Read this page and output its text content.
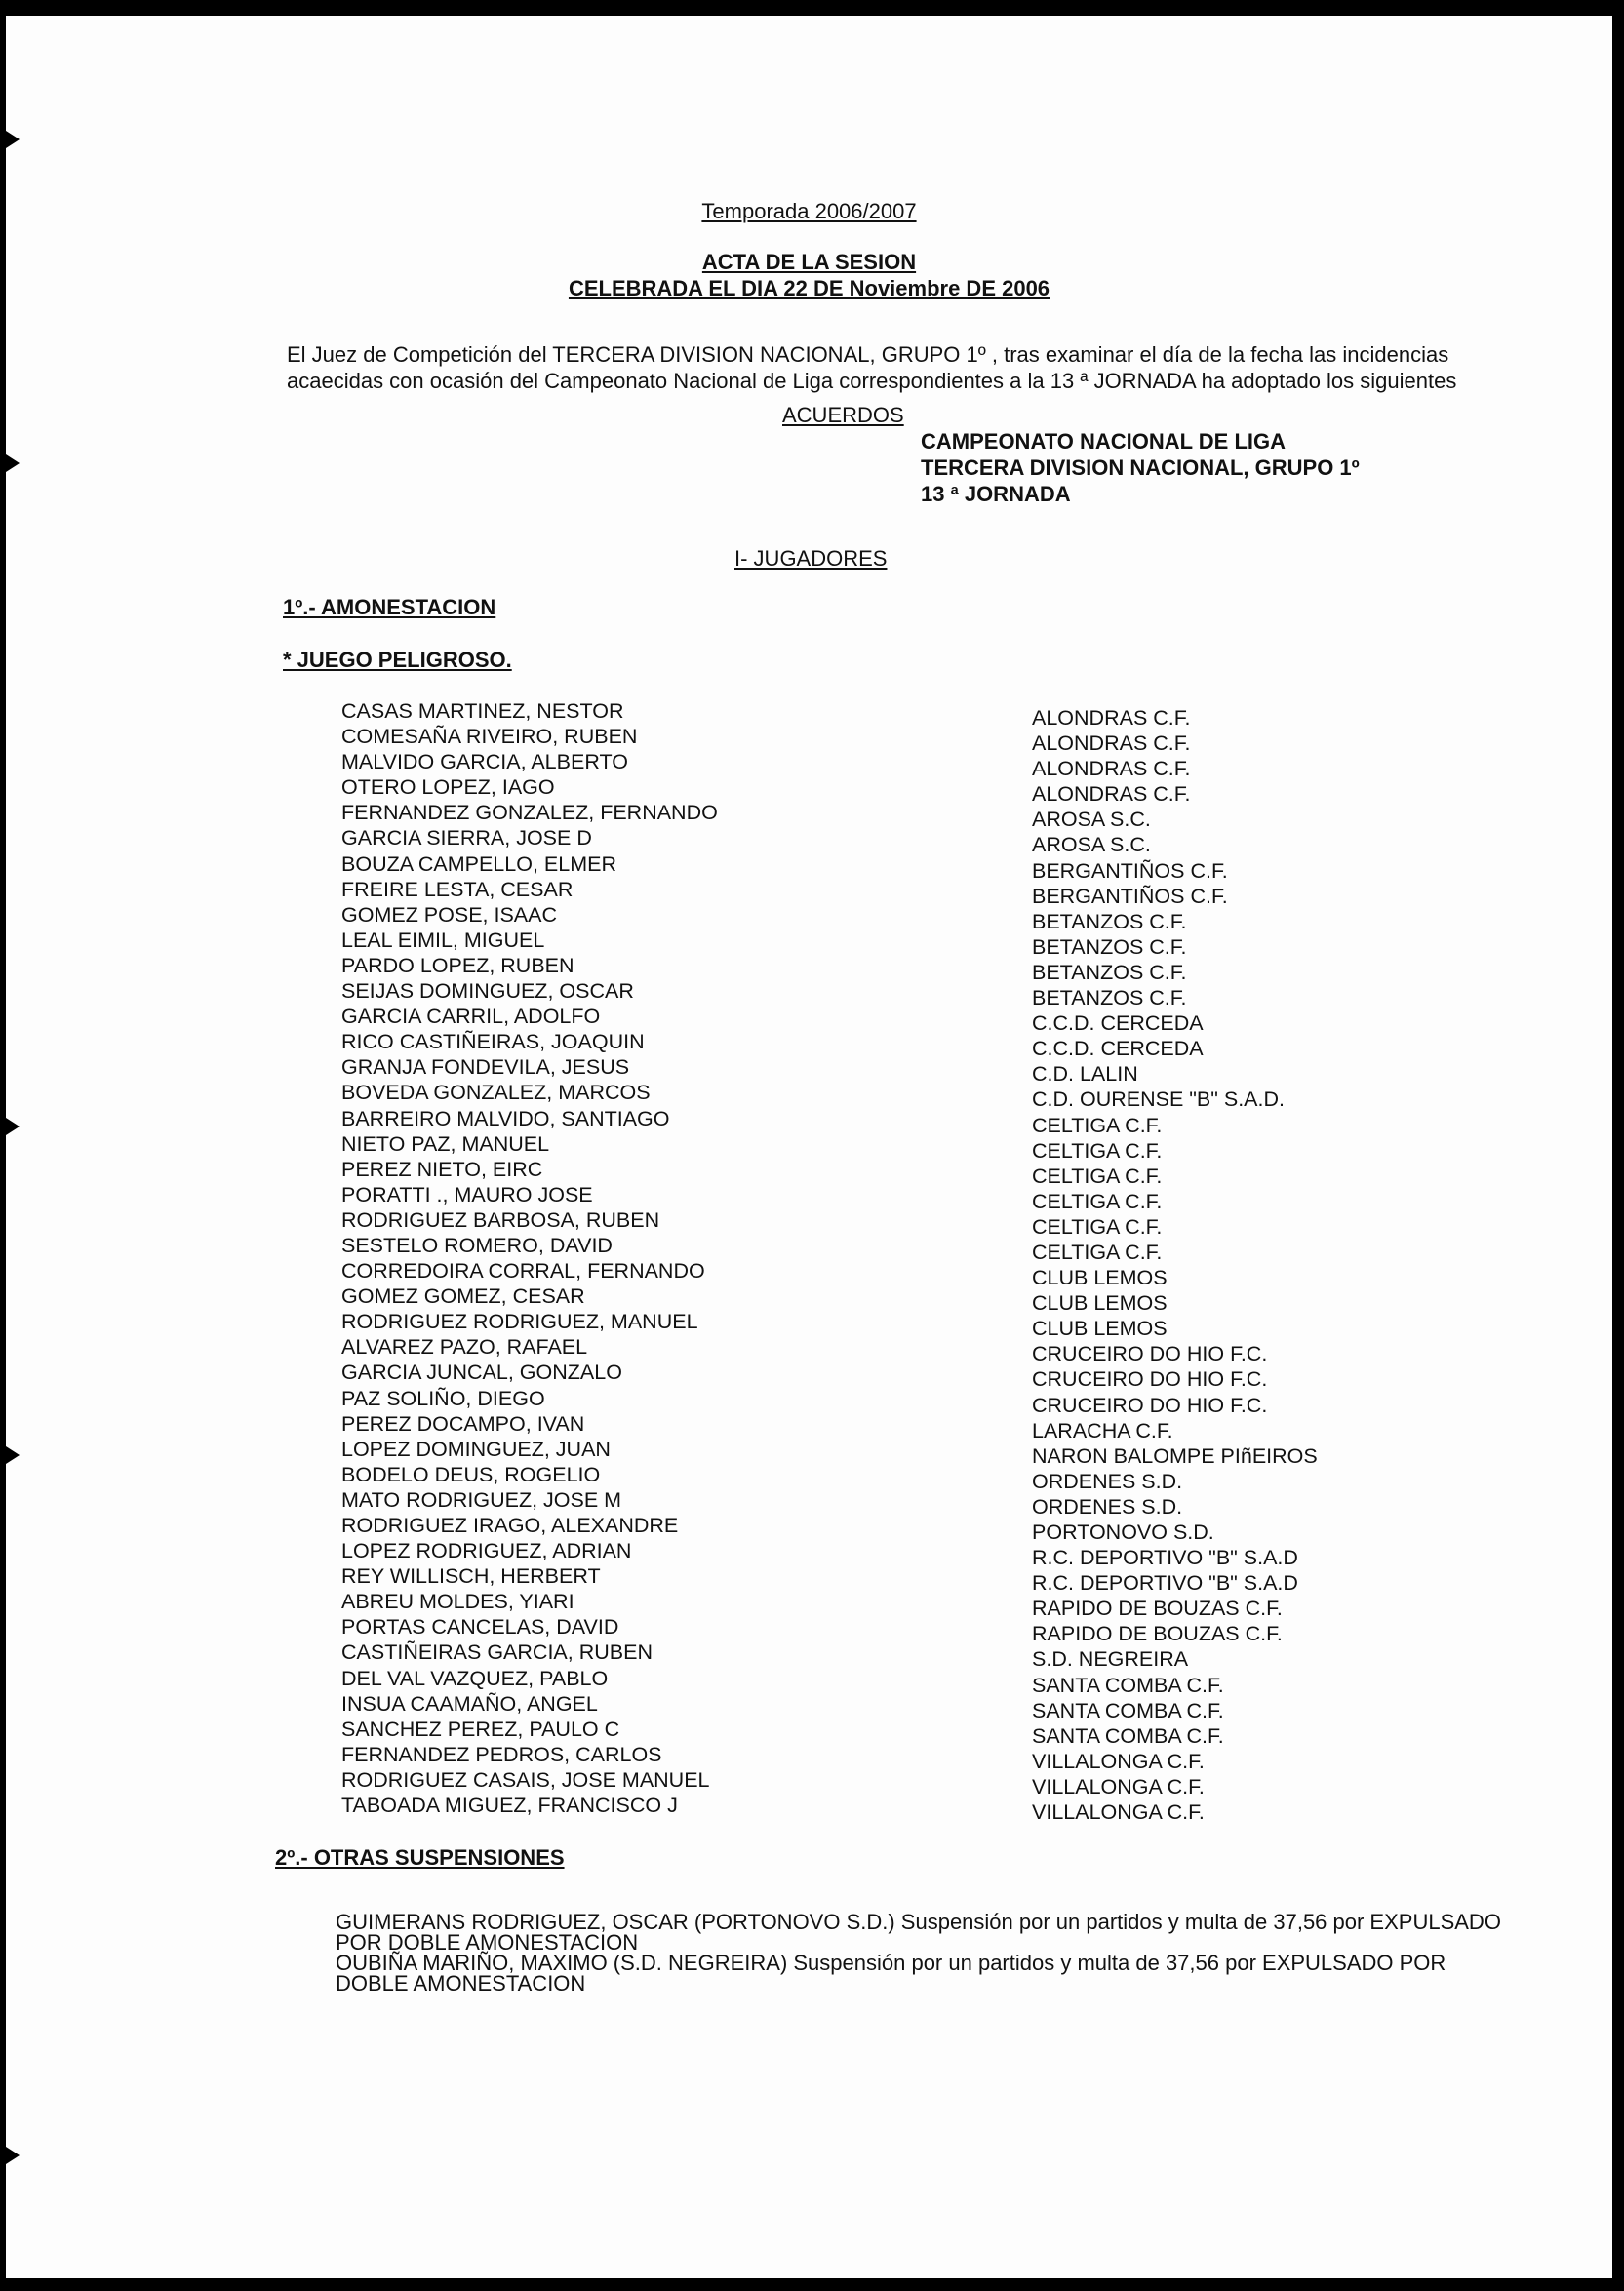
Temporada 2006/2007
ACTA DE LA SESION
CELEBRADA EL DIA 22 DE Noviembre DE 2006
El Juez de Competición del TERCERA DIVISION NACIONAL, GRUPO 1º , tras examinar el día de la fecha las incidencias
acaecidas con ocasión del Campeonato Nacional de Liga correspondientes a la 13 ª JORNADA ha adoptado los siguientes
ACUERDOS
CAMPEONATO NACIONAL DE LIGA
TERCERA DIVISION NACIONAL, GRUPO 1º
13 ª JORNADA
I- JUGADORES
1º.- AMONESTACION
* JUEGO PELIGROSO.
CASAS MARTINEZ, NESTOR
COMESAÑA RIVEIRO, RUBEN
MALVIDO GARCIA, ALBERTO
OTERO LOPEZ, IAGO
FERNANDEZ GONZALEZ, FERNANDO
GARCIA SIERRA, JOSE D
BOUZA CAMPELLO, ELMER
FREIRE LESTA, CESAR
GOMEZ POSE, ISAAC
LEAL EIMIL, MIGUEL
PARDO LOPEZ, RUBEN
SEIJAS DOMINGUEZ, OSCAR
GARCIA CARRIL, ADOLFO
RICO CASTIÑEIRAS, JOAQUIN
GRANJA FONDEVILA, JESUS
BOVEDA GONZALEZ, MARCOS
BARREIRO MALVIDO, SANTIAGO
NIETO PAZ, MANUEL
PEREZ NIETO, EIRC
PORATTI ., MAURO JOSE
RODRIGUEZ BARBOSA, RUBEN
SESTELO ROMERO, DAVID
CORREDOIRA CORRAL, FERNANDO
GOMEZ GOMEZ, CESAR
RODRIGUEZ RODRIGUEZ, MANUEL
ALVAREZ PAZO, RAFAEL
GARCIA JUNCAL, GONZALO
PAZ SOLIÑO, DIEGO
PEREZ DOCAMPO, IVAN
LOPEZ DOMINGUEZ, JUAN
BODELO DEUS, ROGELIO
MATO RODRIGUEZ, JOSE M
RODRIGUEZ IRAGO, ALEXANDRE
LOPEZ RODRIGUEZ, ADRIAN
REY WILLISCH, HERBERT
ABREU MOLDES, YIARI
PORTAS CANCELAS, DAVID
CASTIÑEIRAS GARCIA, RUBEN
DEL VAL VAZQUEZ, PABLO
INSUA CAAMAÑO, ANGEL
SANCHEZ PEREZ, PAULO C
FERNANDEZ PEDROS, CARLOS
RODRIGUEZ CASAIS, JOSE MANUEL
TABOADA MIGUEZ, FRANCISCO J
ALONDRAS C.F.
ALONDRAS C.F.
ALONDRAS C.F.
ALONDRAS C.F.
AROSA S.C.
AROSA S.C.
BERGANTIÑOS C.F.
BERGANTIÑOS C.F.
BETANZOS C.F.
BETANZOS C.F.
BETANZOS C.F.
BETANZOS C.F.
C.C.D. CERCEDA
C.C.D. CERCEDA
C.D. LALIN
C.D. OURENSE "B" S.A.D.
CELTIGA C.F.
CELTIGA C.F.
CELTIGA C.F.
CELTIGA C.F.
CELTIGA C.F.
CELTIGA C.F.
CLUB LEMOS
CLUB LEMOS
CLUB LEMOS
CRUCEIRO DO HIO F.C.
CRUCEIRO DO HIO F.C.
CRUCEIRO DO HIO F.C.
LARACHA C.F.
NARON BALOMPE PIñEIROS
ORDENES S.D.
ORDENES S.D.
PORTONOVO S.D.
R.C. DEPORTIVO "B" S.A.D
R.C. DEPORTIVO "B" S.A.D
RAPIDO DE BOUZAS C.F.
RAPIDO DE BOUZAS C.F.
S.D. NEGREIRA
SANTA COMBA C.F.
SANTA COMBA C.F.
SANTA COMBA C.F.
VILLALONGA C.F.
VILLALONGA C.F.
VILLALONGA C.F.
2º.- OTRAS SUSPENSIONES
GUIMERANS RODRIGUEZ, OSCAR (PORTONOVO S.D.) Suspensión por un partidos y multa de 37,56 por EXPULSADO
POR DOBLE AMONESTACION
OUBIÑA MARIÑO, MAXIMO (S.D. NEGREIRA) Suspensión por un partidos y multa de 37,56 por EXPULSADO POR
DOBLE AMONESTACION
